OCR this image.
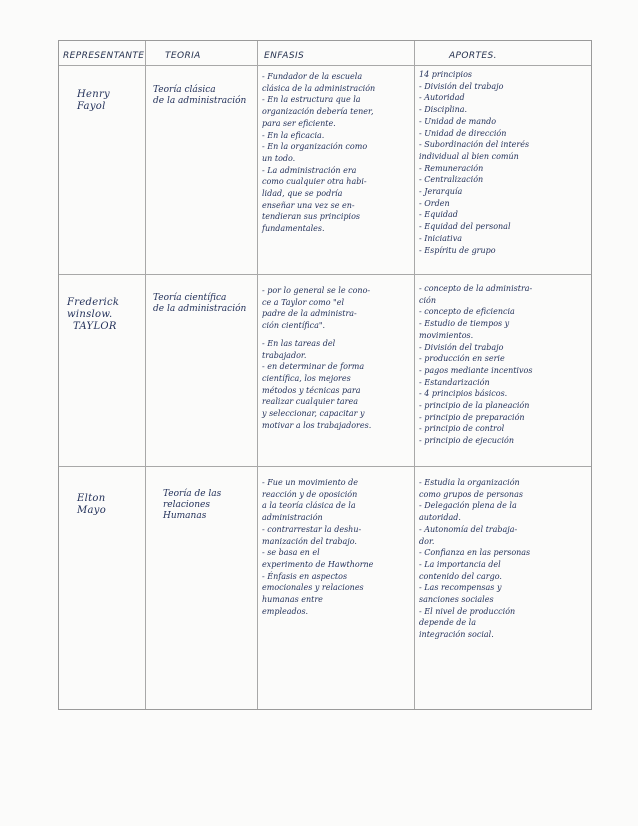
REPRESENTANTE TEORIA	ENFASIS	APORTES.
Henry
Fayol
Teoría clásica
de la administración
- Fundador de la escuela
clásica de la administración
- En la estructura que la
organización debería tener,
para ser eficiente.
- En la eficacia.
- En la organización como
un todo.
- La administración era
como cualquier otra habi-
lidad, que se podría
enseñar una vez se en-
tendieran sus principios
fundamentales.
14 principios
- División del trabajo
- Autoridad
- Disciplina.
- Unidad de mando
- Unidad de dirección
- Subordinación del interés
individual al bien común
- Remuneración
- Centralización
- Jerarquía
- Orden
- Equidad
- Equidad del personal
- Iniciativa
- Espíritu de grupo
Frederick
winslow.
TAYLOR
Teoría científica
de la administración
- por lo general se le cono-
ce a Taylor como "el
padre de la administra-
ción científica".
- En las tareas del
trabajador.
- en determinar de forma
científica, los mejores
métodos y técnicas para
realizar cualquier tarea
y seleccionar, capacitar y
motivar a los trabajadores.
- concepto de la administra-
ción
- concepto de eficiencia
- Estudio de tiempos y
movimientos.
- División del trabajo
- producción en serie
- pagos mediante incentivos
- Estandarización
- 4 principios básicos.
- principio de la planeación
- principio de preparación
- principio de control
- principio de ejecución
Elton
Mayo
Teoría de las
relaciones
Humanas
- Fue un movimiento de
reacción y de oposición
a la teoría clásica de la
administración
- contrarrestar la deshu-
manización del trabajo.
- se basa en el
experimento de Hawthorne
- Énfasis en aspectos
emocionales y relaciones
humanas entre
empleados.
- Estudia la organización
como grupos de personas
- Delegación plena de la
autoridad.
- Autonomía del trabaja-
dor.
- Confianza en las personas
- La importancia del
contenido del cargo.
- Las recompensas y
sanciones sociales
- El nivel de producción
depende de la
integración social.
